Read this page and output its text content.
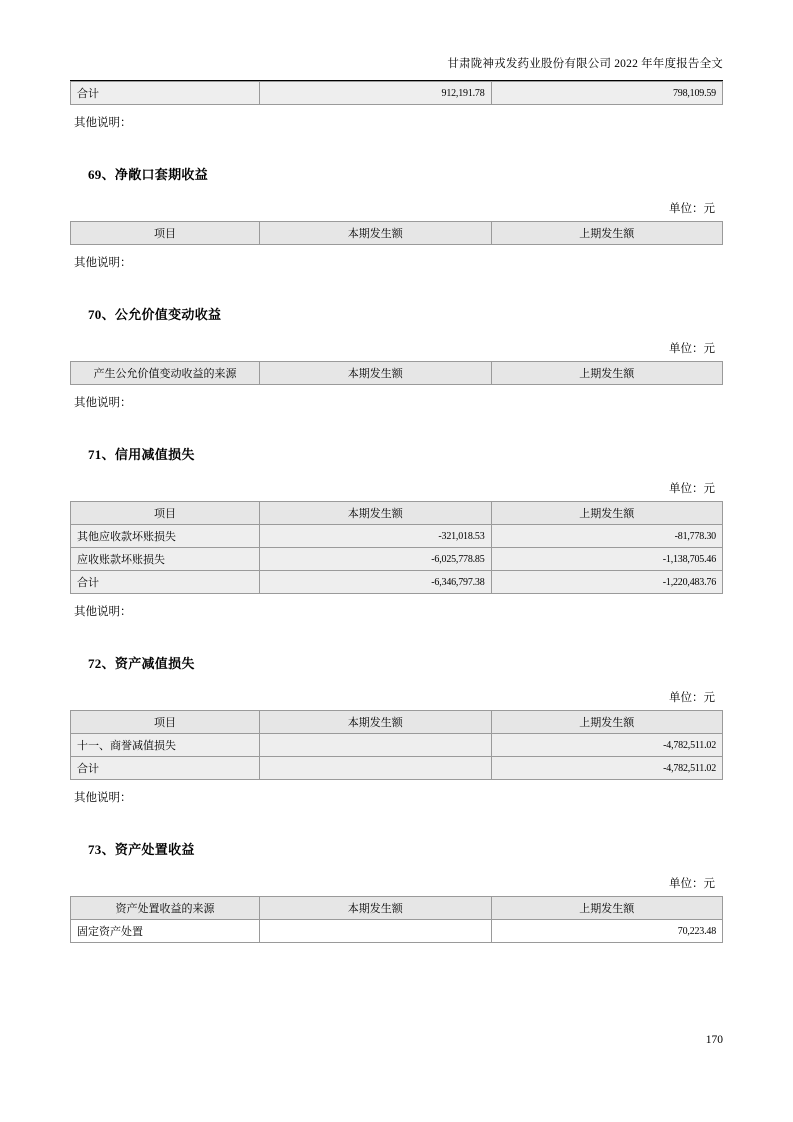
甘肃陇神戎发药业股份有限公司 2022 年年度报告全文
合计	912,191.78	798,109.59
其他说明：
69、净敞口套期收益
单位：元
项目	本期发生额	上期发生额
其他说明：
70、公允价值变动收益
单位：元
产生公允价值变动收益的来源	本期发生额	上期发生额
其他说明：
71、信用减值损失
单位：元
项目	本期发生额	上期发生额
其他应收款坏账损失	-321,018.53	-81,778.30
应收账款坏账损失	-6,025,778.85	-1,138,705.46
合计	-6,346,797.38	-1,220,483.76
其他说明：
72、资产减值损失
单位：元
项目	本期发生额	上期发生额
十一、商誉减值损失		-4,782,511.02
合计		-4,782,511.02
其他说明：
73、资产处置收益
单位：元
资产处置收益的来源	本期发生额	上期发生额
固定资产处置		70,223.48
170
